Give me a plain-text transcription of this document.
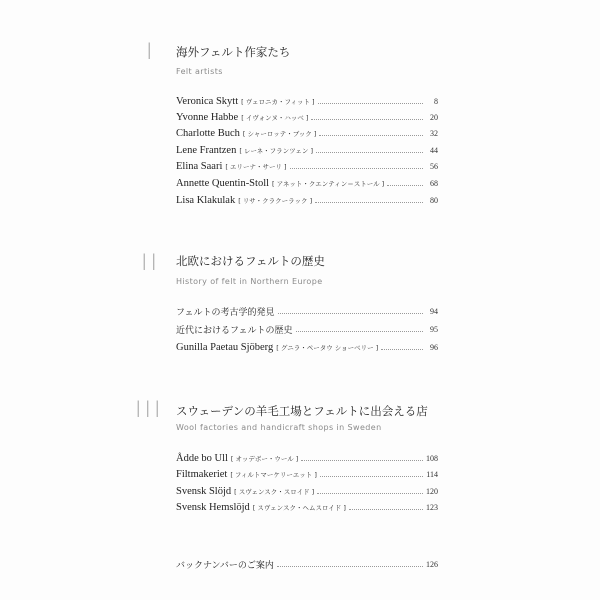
I 海外フェルト作家たち
Felt artists
Veronica Skytt [ ヴェロニカ・フィット ]	8
Yvonne Habbe [ イヴォンヌ・ハッベ ]	20
Charlotte Buch [ シャーロッテ・ブック ]	32
Lene Frantzen [ レーネ・フランツェン ]	44
Elina Saari [ エリーナ・サーリ ]	56
Annette Quentin-Stoll [ アネット・クエンティン＝ストール ]	68
Lisa Klakulak [ リサ・クラクーラック ]	80
II 北欧におけるフェルトの歴史
History of felt in Northern Europe
フェルトの考古学的発見	94
近代におけるフェルトの歴史	95
Gunilla Paetau Sjöberg [ グニラ・ペータウ ショーベリー ]	96
III スウェーデンの羊毛工場とフェルトに出会える店
Wool factories and handicraft shops in Sweden
Ådde bo Ull [ オッデボー・ウール ]	108
Filtmakeriet [ フィルトマーケリーエット ]	114
Svensk Slöjd [ スヴェンスク・スロイド ]	120
Svensk Hemslöjd [ スヴェンスク・ヘムスロイド ]	123
バックナンバーのご案内	126
